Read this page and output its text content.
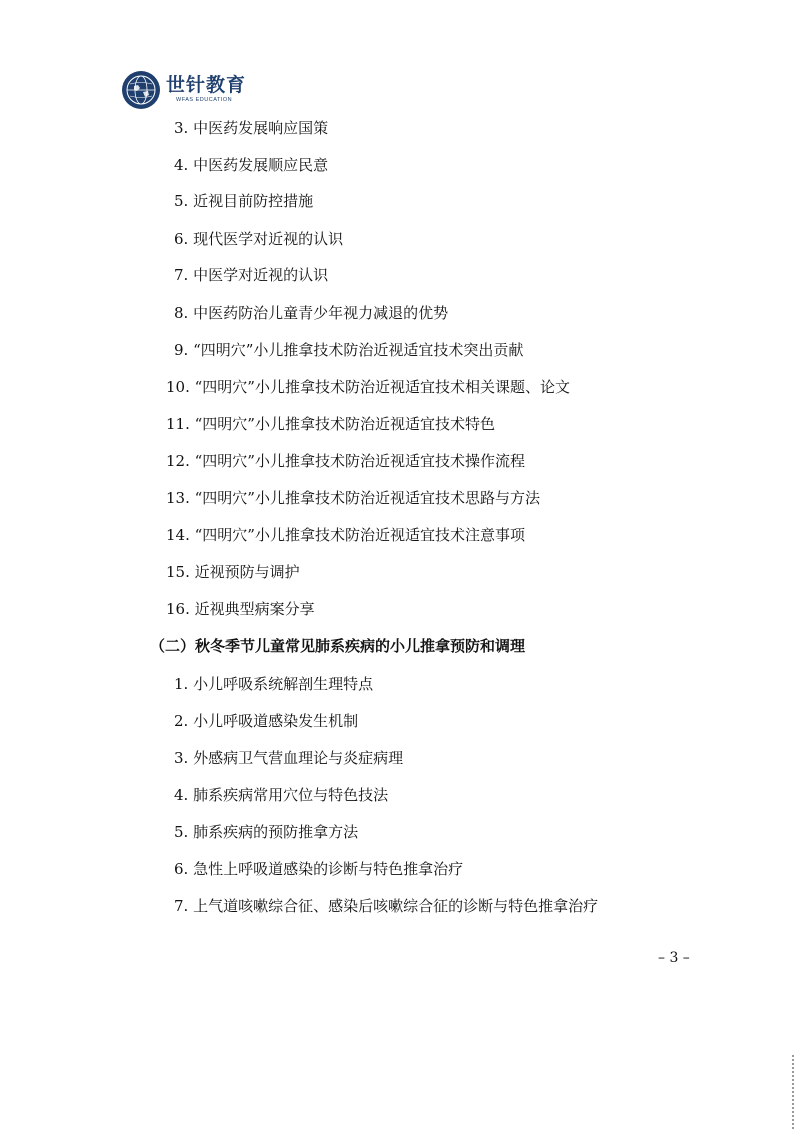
世针教育
WFAS EDUCATION
3. 中医药发展响应国策
4. 中医药发展顺应民意
5. 近视目前防控措施
6. 现代医学对近视的认识
7. 中医学对近视的认识
8. 中医药防治儿童青少年视力减退的优势
9. “四明穴”小儿推拿技术防治近视适宜技术突出贡献
10. “四明穴”小儿推拿技术防治近视适宜技术相关课题、论文
11. “四明穴”小儿推拿技术防治近视适宜技术特色
12. “四明穴”小儿推拿技术防治近视适宜技术操作流程
13. “四明穴”小儿推拿技术防治近视适宜技术思路与方法
14. “四明穴”小儿推拿技术防治近视适宜技术注意事项
15. 近视预防与调护
16. 近视典型病案分享
（二）秋冬季节儿童常见肺系疾病的小儿推拿预防和调理
1. 小儿呼吸系统解剖生理特点
2. 小儿呼吸道感染发生机制
3. 外感病卫气营血理论与炎症病理
4. 肺系疾病常用穴位与特色技法
5. 肺系疾病的预防推拿方法
6. 急性上呼吸道感染的诊断与特色推拿治疗
7. 上气道咳嗽综合征、感染后咳嗽综合征的诊断与特色推拿治疗
– 3 –
